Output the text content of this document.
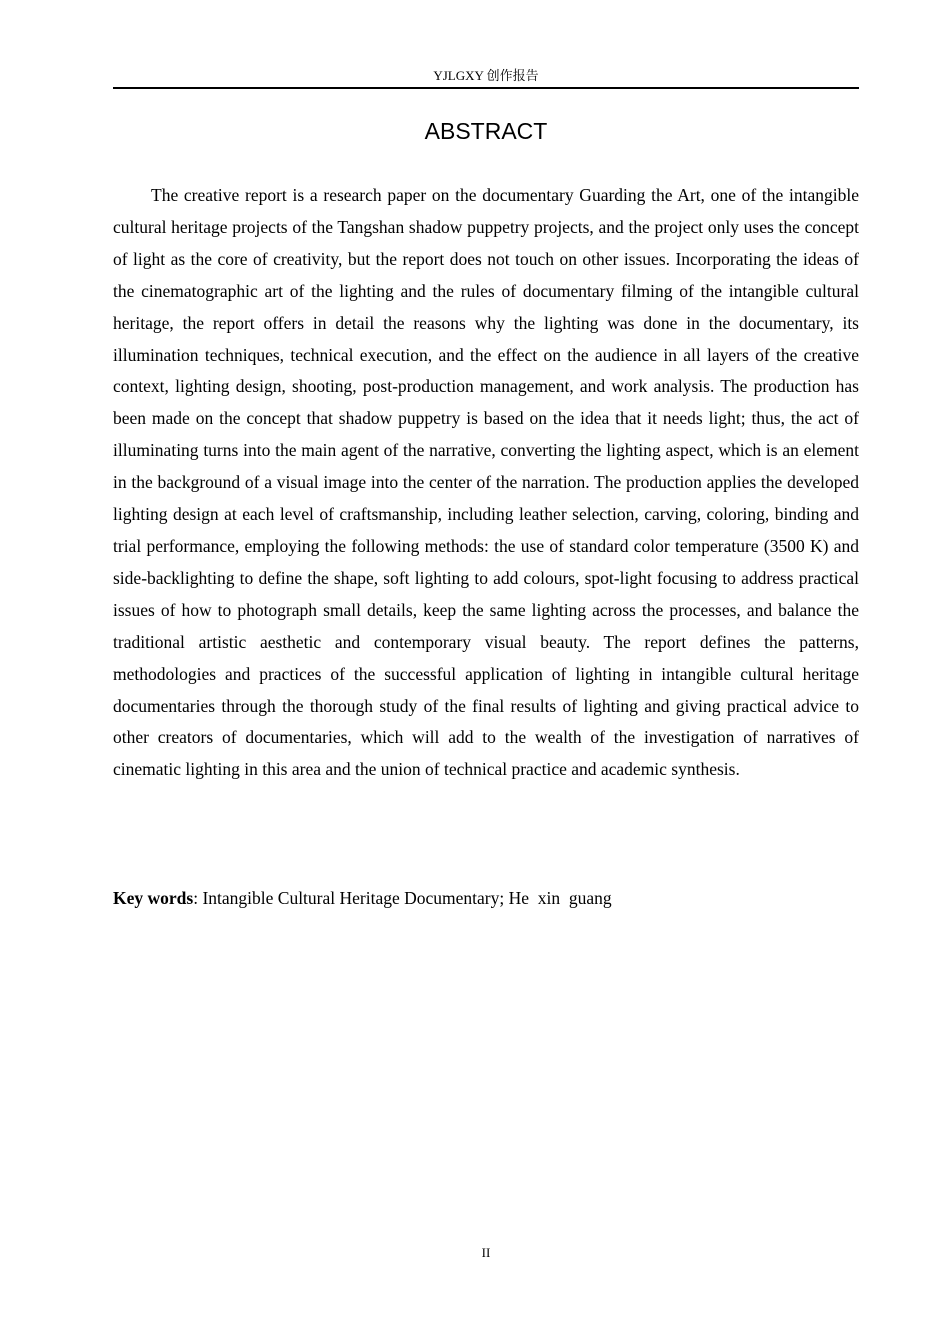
YJLGXY 创作报告
ABSTRACT

The creative report is a research paper on the documentary Guarding the Art, one of the intangible cultural heritage projects of the Tangshan shadow puppetry projects, and the project only uses the concept of light as the core of creativity, but the report does not touch on other issues. Incorporating the ideas of the cinematographic art of the lighting and the rules of documentary filming of the intangible cultural heritage, the report offers in detail the reasons why the lighting was done in the documentary, its illumination techniques, technical execution, and the effect on the audience in all layers of the creative context, lighting design, shooting, post-production management, and work analysis. The production has been made on the concept that shadow puppetry is based on the idea that it needs light; thus, the act of illuminating turns into the main agent of the narrative, converting the lighting aspect, which is an element in the background of a visual image into the center of the narration. The production applies the developed lighting design at each level of craftsmanship, including leather selection, carving, coloring, binding and trial performance, employing the following methods: the use of standard color temperature (3500 K) and side-backlighting to define the shape, soft lighting to add colours, spot-light focusing to address practical issues of how to photograph small details, keep the same lighting across the processes, and balance the traditional artistic aesthetic and contemporary visual beauty. The report defines the patterns, methodologies and practices of the successful application of lighting in intangible cultural heritage documentaries through the thorough study of the final results of lighting and giving practical advice to other creators of documentaries, which will add to the wealth of the investigation of narratives of cinematic lighting in this area and the union of technical practice and academic synthesis.

Key words: Intangible Cultural Heritage Documentary; He  xin  guang

II
